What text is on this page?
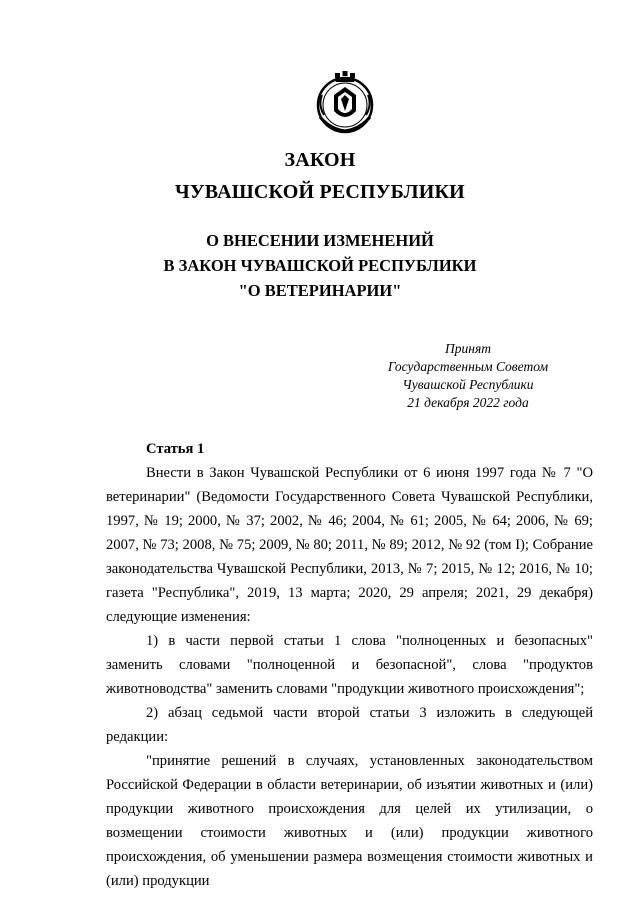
ЗАКОН
ЧУВАШСКОЙ РЕСПУБЛИКИ
О ВНЕСЕНИИ ИЗМЕНЕНИЙ
В ЗАКОН ЧУВАШСКОЙ РЕСПУБЛИКИ
"О ВЕТЕРИНАРИИ"
Принят
Государственным Советом
Чувашской Республики
21 декабря 2022 года
Статья 1

Внести в Закон Чувашской Республики от 6 июня 1997 года № 7 "О ветеринарии" (Ведомости Государственного Совета Чувашской Республики, 1997, № 19; 2000, № 37; 2002, № 46; 2004, № 61; 2005, № 64; 2006, № 69; 2007, № 73; 2008, № 75; 2009, № 80; 2011, № 89; 2012, № 92 (том I); Собрание законодательства Чувашской Республики, 2013, № 7; 2015, № 12; 2016, № 10; газета "Республика", 2019, 13 марта; 2020, 29 апреля; 2021, 29 декабря) следующие изменения:

1) в части первой статьи 1 слова "полноценных и безопасных" заменить словами "полноценной и безопасной", слова "продуктов животноводства" заменить словами "продукции животного происхождения";

2) абзац седьмой части второй статьи 3 изложить в следующей редакции:

"принятие решений в случаях, установленных законодательством Российской Федерации в области ветеринарии, об изъятии животных и (или) продукции животного происхождения для целей их утилизации, о возмещении стоимости животных и (или) продукции животного происхождения, об уменьшении размера возмещения стоимости животных и (или) продукции
